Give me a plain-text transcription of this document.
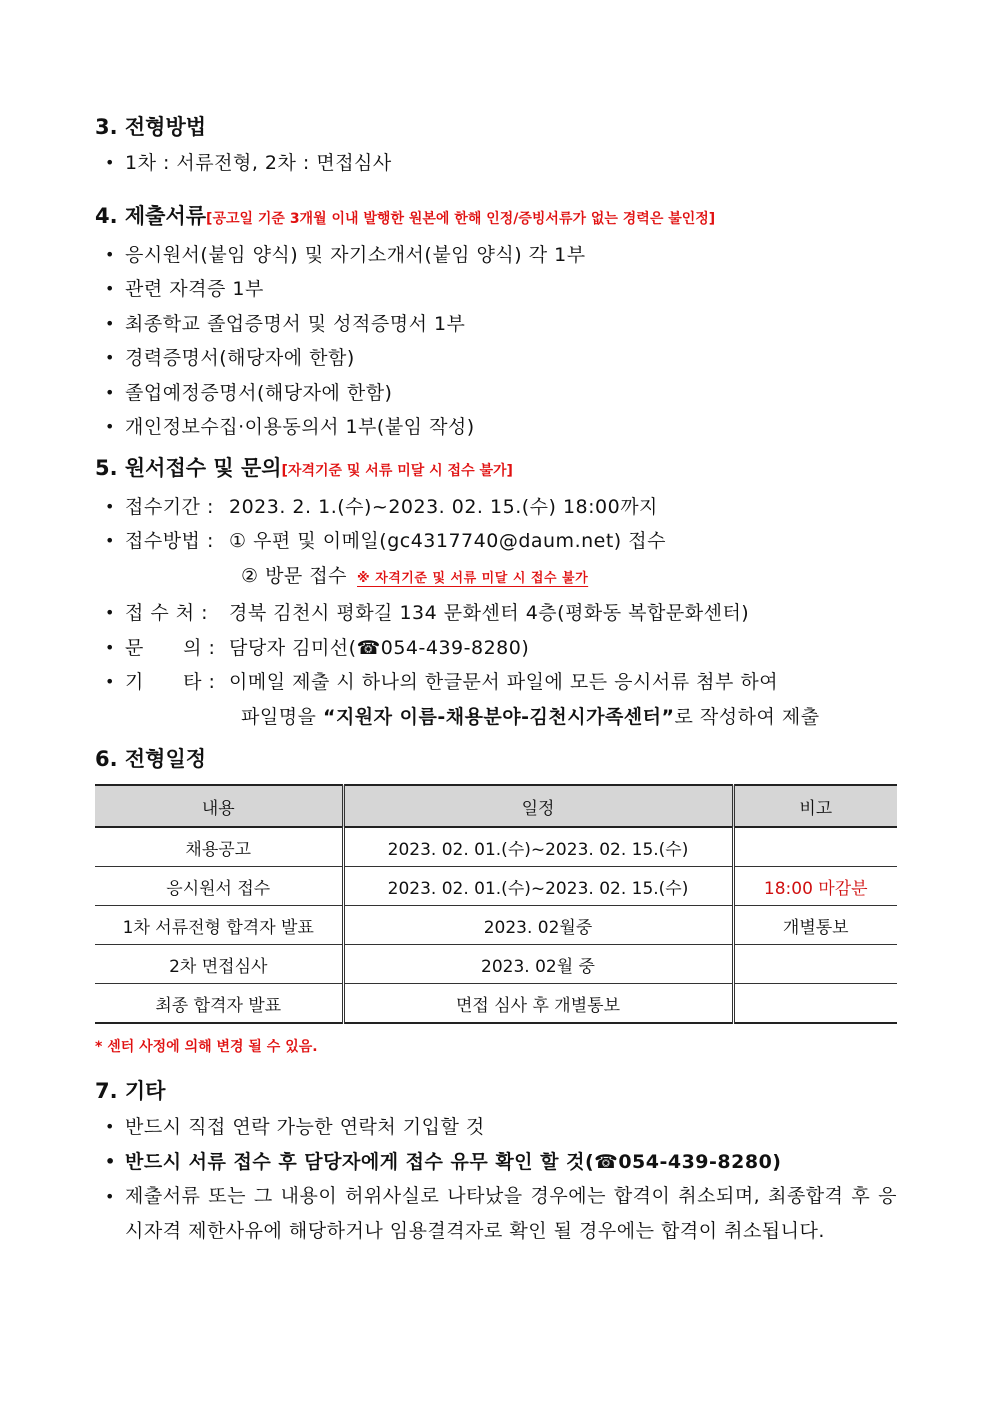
3. 전형방법
• 1차 : 서류전형, 2차 : 면접심사
4. 제출서류[공고일 기준 3개월 이내 발행한 원본에 한해 인정/증빙서류가 없는 경력은 불인정]
• 응시원서(붙임 양식) 및 자기소개서(붙임 양식) 각 1부
• 관련 자격증 1부
• 최종학교 졸업증명서 및 성적증명서 1부
• 경력증명서(해당자에 한함)
• 졸업예정증명서(해당자에 한함)
• 개인정보수집·이용동의서 1부(붙임 작성)
5. 원서접수 및 문의[자격기준 및 서류 미달 시 접수 불가]
• 접수기간 : 2023. 2. 1.(수)~2023. 02. 15.(수) 18:00까지
• 접수방법 : ① 우편 및 이메일(gc4317740@daum.net) 접수
② 방문 접수 ※ 자격기준 및 서류 미달 시 접수 불가
• 접 수 처 : 경북 김천시 평화길 134 문화센터 4층(평화동 복합문화센터)
• 문      의 : 담당자 김미선(☎054-439-8280)
• 기      타 : 이메일 제출 시 하나의 한글문서 파일에 모든 응시서류 첨부 하여
파일명을 “지원자 이름-채용분야-김천시가족센터”로 작성하여 제출
6. 전형일정
내용	일정	비고
채용공고	2023. 02. 01.(수)~2023. 02. 15.(수)	
응시원서 접수	2023. 02. 01.(수)~2023. 02. 15.(수)	18:00 마감분
1차 서류전형 합격자 발표	2023. 02월중	개별통보
2차 면접심사	2023. 02월 중	
최종 합격자 발표	면접 심사 후 개별통보	
* 센터 사정에 의해 변경 될 수 있음.
7. 기타
• 반드시 직접 연락 가능한 연락처 기입할 것
• 반드시 서류 접수 후 담당자에게 접수 유무 확인 할 것(☎054-439-8280)
• 제출서류 또는 그 내용이 허위사실로 나타났을 경우에는 합격이 취소되며, 최종합격 후 응시자격 제한사유에 해당하거나 임용결격자로 확인 될 경우에는 합격이 취소됩니다.
